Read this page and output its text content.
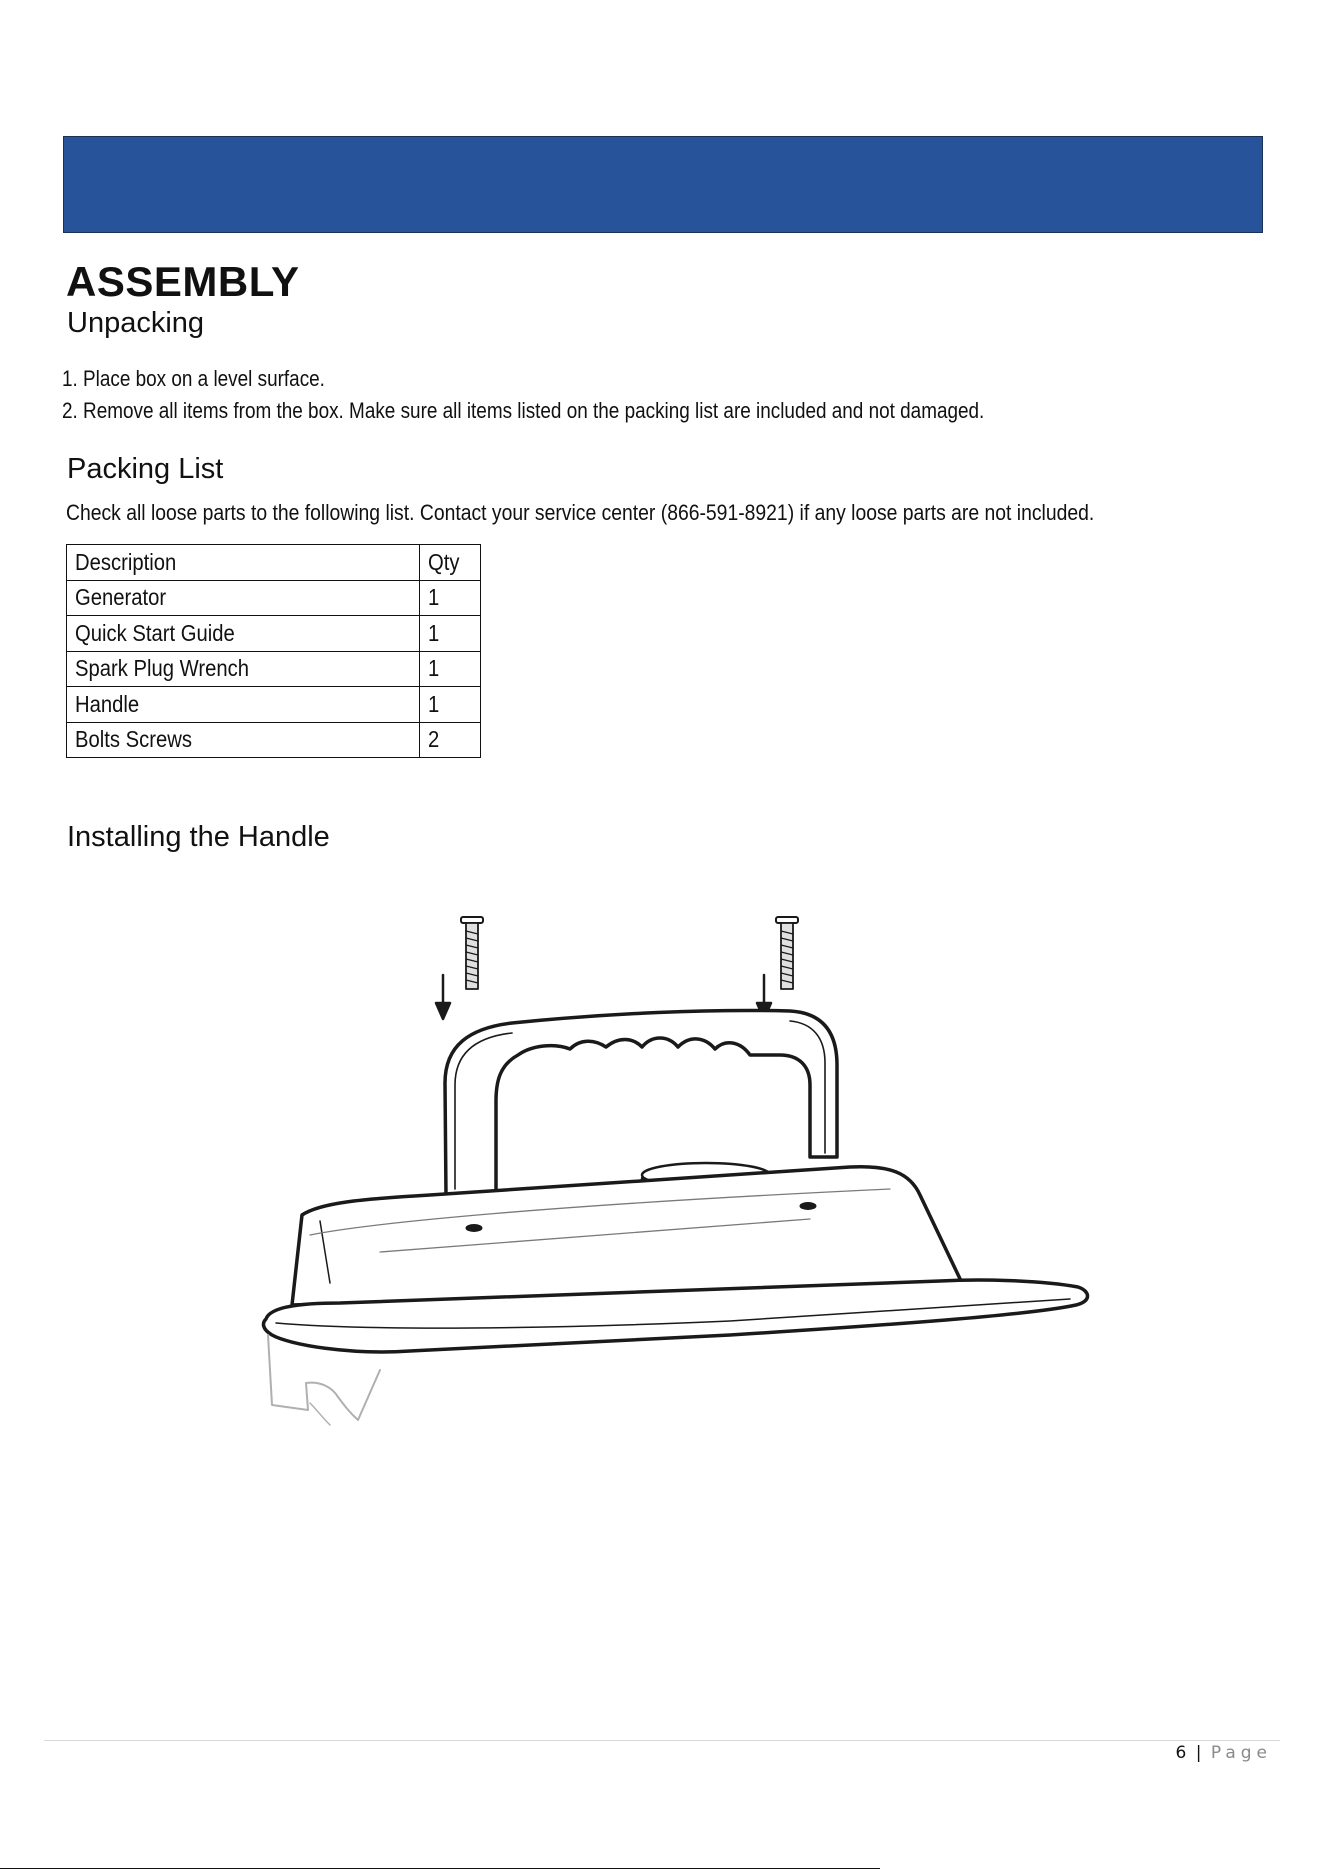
ASSEMBLY
Unpacking
1. Place box on a level surface.
2. Remove all items from the box. Make sure all items listed on the packing list are included and not damaged.
Packing List

Check all loose parts to the following list. Contact your service center (866-591-8921) if any loose parts are not included.

Description	Qty
Generator	1
Quick Start Guide	1
Spark Plug Wrench	1
Handle	1
Bolts Screws	2
Installing the Handle
6 | Page
